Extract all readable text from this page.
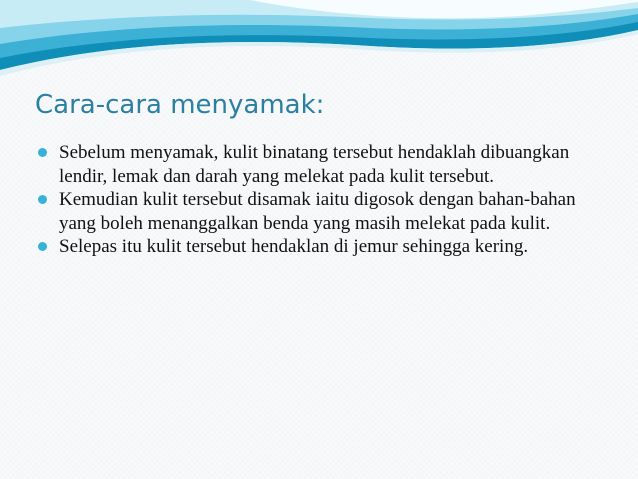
Cara-cara menyamak:
Sebelum menyamak, kulit binatang tersebut hendaklah dibuangkan lendir, lemak dan darah yang melekat pada kulit tersebut.
Kemudian kulit tersebut disamak iaitu digosok dengan bahan-bahan yang boleh menanggalkan benda yang masih melekat pada kulit.
Selepas itu kulit tersebut hendaklan di jemur sehingga kering.
